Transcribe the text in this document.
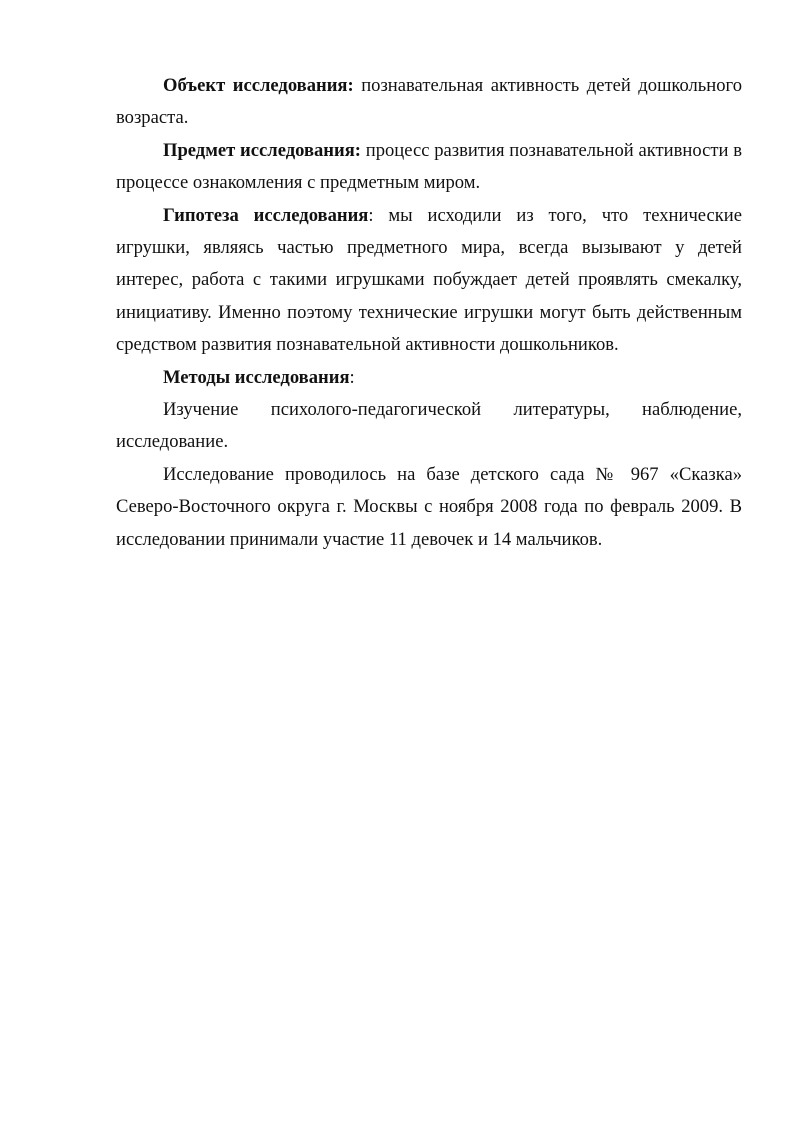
Объект исследования: познавательная активность детей дошкольного возраста.

Предмет исследования: процесс развития познавательной активности в процессе ознакомления с предметным миром.

Гипотеза исследования: мы исходили из того, что технические игрушки, являясь частью предметного мира, всегда вызывают у детей интерес, работа с такими игрушками побуждает детей проявлять смекалку, инициативу. Именно поэтому технические игрушки могут быть действенным средством развития познавательной активности дошкольников.

Методы исследования:

Изучение психолого-педагогической литературы, наблюдение, исследование.

Исследование проводилось на базе детского сада № 967 «Сказка» Северо-Восточного округа г. Москвы с ноября 2008 года по февраль 2009. В исследовании принимали участие 11 девочек и 14 мальчиков.
